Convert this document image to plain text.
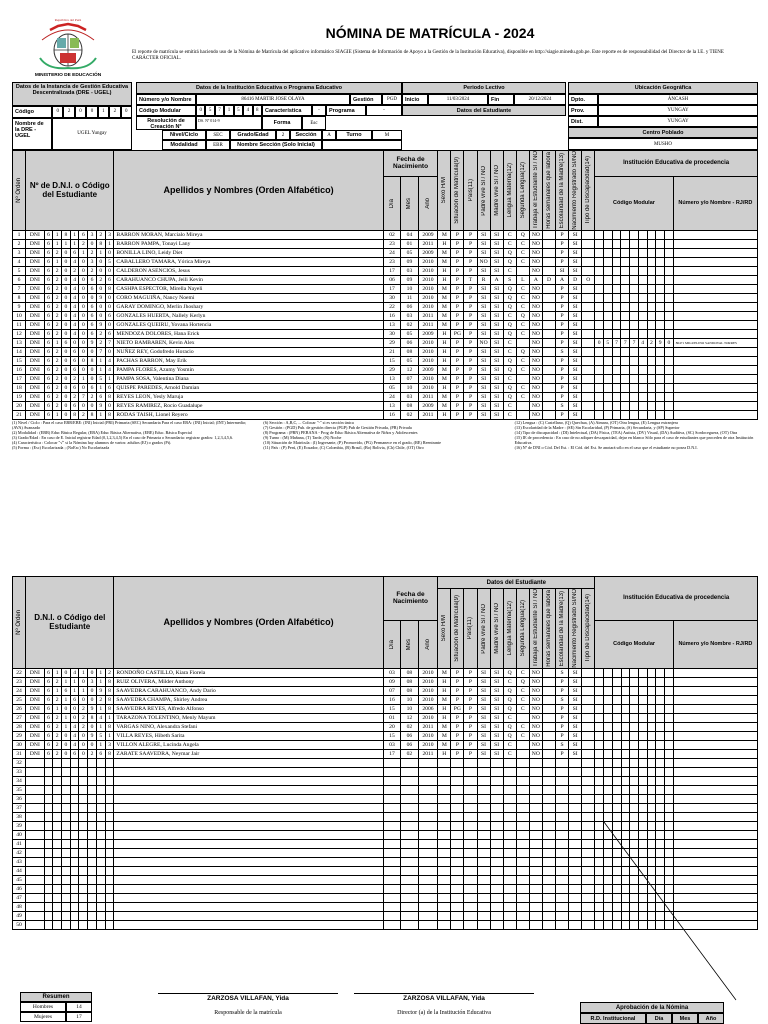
MINISTERIO DE EDUCACIÓN
República del Perú
NÓMINA DE MATRÍCULA - 2024
El reporte de matrícula se emitirá haciendo uso de la Nómina de Matrícula del aplicativo informático SIAGIE (Sistema de Información de Apoyo a la Gestión de la Institución Educativa), disponible en http://siagie.minedu.gob.pe. Este reporte es de responsabilidad del Director de la I.E. y TIENE CARÁCTER OFICIAL.
Datos de la Instancia de Gestión Educativa Descentralizada (DRE - UGEL)
Código	0	2	0	0	1	2	0
Nombre de la DRE - UGEL	UGEL Yungay
Datos de la Institución Educativa o Programa Educativo
Número y/o Nombre	86416 MARTIR JOSE OLAYA	Gestión	PGD
Código Modular	0	5	7	1	5	4	8	Característica	-	Programa	-
Resolución de Creación N°
DS. Nº 014-9	Forma	Esc
Nivel/Ciclo	SEC	Grado/Edad	2	Sección	A	Turno	M
Modalidad	EBR	Nombre Sección (Solo Inicial)
Periodo Lectivo
Inicio	11/03/2024	Fin	20/12/2024
Datos del Estudiante
Ubicación Geográfica
Dpto.	ÁNCASH
Prov.	YUNGAY
Dist.	YUNGAY
Centro Poblado
MUSHO
Nº Orden	Nº de D.N.I. o Código del Estudiante									Apellidos y Nombres (Orden Alfabético)	Fecha de Nacimiento			Sexo H/M	Situación de Matrícula(9)	País(11)	Padre vive SI / NO	Madre vive SI / NO	Lengua Materna(12)	Segunda Lengua(12)	Trabaja el Estudiante SI / NO	Horas semanales que labora	Escolaridad de la Madre(13)	Nacimiento Registrado SI/NO	Tipo de Discapacidad(14)	Institución Educativa de procedencia									

											Día	Mes	Año													Código Modular									Número y/o Nombre - RJ/RD
1	DNI	6	1	8	1	6	3	2	3	BARRON MORAN, Marcialo Mireya	02	04	2009	M	P	P	SI	SI	C	Q	NO		P	SI											
2	DNI	6	1	1	1	2	0	8	1	BARRON PAMPA, Tonayi Lany	23	01	2011	H	P	P	SI	SI	C	C	NO		P	SI											
3	DNI	6	2	0	6	1	2	1	0	BONILLA LINO, Leidy Diet	24	05	2009	M	P	P	SI	SI	Q	C	NO		P	SI											
4	DNI	6	1	0	4	0	3	0	5	CABALLERO TAMARA, Yórica Mireya	23	09	2010	M	P	P	NO	SI	Q	C	NO		P	SI											
5	DNI	6	2	0	2	0	2	0	0	CALDERON ASENCIOS, Jesus	17	03	2010	H	P	P	SI	SI	C		NO		SI	SI											
6	DNI	6	2	0	4	0	6	2	6	CARAHUANCO CHUPA, Jeili Kevin	06	09	2010	H	P	T	R	A	S	L	A	D	A	D	O										
7	DNI	6	2	0	4	0	6	0	8	CASHPA ESPECTOR, Mirella Nayeli	17	10	2010	M	P	P	SI	SI	Q	C	NO		P	SI											
8	DNI	6	2	0	4	0	0	9	0	CORO MAGUIÑA, Nancy Noemi	30	11	2010	M	P	P	SI	SI	Q	C	NO		P	SI											
9	DNI	6	2	0	4	0	6	0	0	GARAY DOMINGO, Merlin Jhoshary	22	06	2010	M	P	P	SI	SI	Q	C	NO		P	SI											
10	DNI	6	2	0	4	0	6	0	6	GONZALES HUERTA, Nallely Kerlyn	16	03	2011	M	P	P	SI	SI	C	Q	NO		P	SI											
11	DNI	6	2	0	4	0	6	9	0	GONZALES QUEIRU, Yovana Hortencia	13	02	2011	M	P	P	SI	SI	Q	C	NO		P	SI											
12	DNI	6	2	0	4	0	6	2	6	MENDOZA DOLORES, Hana Erick	30	05	2009	H	PG	P	SI	SI	Q	C	NO		P	SI											
13	DNI	6	1	6	0	0	9	2	7	NIETO BAMBAREN, Kevin Alex	29	06	2010	H	P	P	NO	SI	C		NO		P	SI		0	5	7	7	7	4	2	9	0	86471 MIGUELINO SANDOVAL TORRES
14	DNI	6	2	0	6	0	0	7	0	NUÑEZ REY, Godofredo Horacio	21	08	2010	H	P	P	SI	SI	C	Q	NO		S	SI											
15	DNI	6	2	0	6	0	8	1	4	PACHAS BARRON, May Erik	15	05	2010	H	P	P	SI	SI	Q	C	NO		P	SI											
16	DNI	6	2	0	6	0	0	1	4	PAMPA FLORES, Azumy Yosmin	29	12	2009	M	P	P	SI	SI	Q	C	NO		P	SI											
17	DNI	6	2	0	2	1	0	5	1	PAMPA SOSA, Valentina Diana	13	07	2010	M	P	P	SI	SI	C		NO		P	SI											
18	DNI	6	2	0	6	0	6	1	6	QUISPE PAREDES, Arnold Damian	05	10	2010	H	P	P	SI	SI	Q	C	NO		P	SI											
19	DNI	6	2	0	2	7	2	6	8	REYES LEON, Yesly Maruja	24	03	2011	M	P	P	SI	SI	Q	C	NO		P	SI											
20	DNI	6	2	0	6	0	0	9	0	REYES RAMIREZ, Rocio Guadalupe	13	08	2009	M	P	P	SI	SI	C		NO		S	SI											
21	DNI	6	1	0	8	2	8	1	8	RODAS TAISH, Lionel Reyero	16	02	2011	H	P	P	SI	SI	C		NO		P	SI											
(1) Nivel / Ciclo : Para el caso EBR/EBE: (INI) Inicial (PRI) Primaria (SEC) Secundaria Para el caso EBA: (INI) Inicial; (INT) Intermedio; (AVA) Avanzado
(2) Modalidad : (EBR) Educ Básica Regular, (EBA) Educ Básica Alternativa, (EBE) Educ. Básica Especial
(3) Grado/Edad : En caso de E. Inicial registrar Edad (0,1,2,3,4,5) En el caso de Primaria o Secundaria: registrar grados: 1,2,3,4,5,6.
(4) Característica : Colocar "√" si la Nómina hay alumnos de varios: adultos (EJ) o grados (Pt).
(5) Forma : (Esc) Escolarizada ; (NoEsc) No Escolarizada
(6) Sección : A,B,C, ... Colocar "-" si es sección única
(7) Gestión : (PGD) Pub. de gestión directa (PGP) Pub de Gestión Privada, (PR) Privada
(8) Programa : (PBN) PEBANA - Prog de Educ Básica Alternativa de Niños y Adolescentes
(9) Turno : (M) Mañana, (T) Tarde, (N) Noche
(10) Situación de Matrícula : (I) Ingresante, (P) Promovido, (PG) Permanece en el grado, (RE) Reentrante
(11) País : (P) Perú, (E) Ecuador, (C) Colombia, (B) Brasil, (Bo) Bolivia, (Ch) Chile, (OT) Otro
(12) Lengua : (C) Castellano, (Q) Quechua, (A) Aimara, (OT) Otra lengua, (E) Lengua extranjera
(13) Escolaridad de la Madre : (SE) Sin Escolaridad, (P) Primaria, (S) Secundaria, y (SP) Superior
(14) Tipo de discapacidad : (DI) Intelectual, (DA) Física, (TEA) Autista, (DV) Visual, (DA) Auditiva, (SC) Sordoceguera, (OT) Otra
(15) IE de procedencia : En caso de no adiquer descapacidad, dejar en blanco Sólo para el caso de estudiantes que proceden de otra Institución Educativa.
(16) Nº de DNI o Cód. Del Est. : El Cód. del Est. Se anotará sólo en el caso que el estudiante no posea D.N.I.
Nº Orden	D.N.I. o Código del Estudiante									Apellidos y Nombres (Orden Alfabético)	Fecha de Nacimiento			Datos del Estudiante												Institución Educativa de procedencia									

														Sexo H/M	Situación de Matrícula(9)	País(11)	Padre vive SI / NO	Madre vive SI / NO	Lengua Materna(12)	Segunda Lengua(12)	Trabaja el Estudiante SI / NO	Horas semanales que labora	Escolaridad de la Madre(13)	Nacimiento Registrado SI/NO	Tipo de Discapacidad(14)										

											Día	Mes	Año													Código Modular									Número y/o Nombre - RJ/RD
22	DNI	6	1	0	4	1	0	1	2	RONDOÑO CASTILLO, Kiara Fiorela	03	08	2010	M	P	P	SI	SI	Q	C	NO		S	SI											
23	DNI	6	2	1	1	0	3	1	8	RUIZ OLIVERA, Milder Anthony	09	08	2010	H	P	P	SI	SI	C	Q	NO		P	SI											
24	DNI	6	1	6	1	1	0	9	8	SAAVEDRA CARAHUANCO, Andy Dario	07	08	2010	H	P	P	SI	SI	Q	C	NO		P	SI											
25	DNI	6	2	1	6	0	0	2	8	SAAVEDRA CHAMPA, Shirley Andrea	16	10	2010	M	P	P	SI	SI	Q	C	NO		S	SI											
26	DNI	6	1	0	0	2	9	1	8	SAAVEDRA REYES, Alfredo Alfonso	15	10	2006	H	PG	P	SI	SI	Q	C	NO		P	SI											
27	DNI	6	2	1	0	2	8	4	1	TARAZONA TOLENTINO, Menly Mayum	01	12	2010	H	P	P	SI	SI	C		NO		P	SI											
28	DNI	6	2	1	4	2	0	1	8	VARGAS NINO, Alexandra Stefani	20	02	2011	M	P	P	SI	SI	Q	C	NO		P	SI											
29	DNI	6	2	0	4	0	9	5	1	VILLA REYES, Hibeth Sarita	15	06	2010	M	P	P	SI	SI	Q	C	NO		P	SI											
30	DNI	6	2	0	4	0	0	1	3	VILLON ALEGRE, Lucinda Angela	03	06	2010	M	P	P	SI	SI	C		NO		S	SI											
31	DNI	6	2	0	6	0	2	6	8	ZARATE SAAVEDRA, Neymar Jair	17	02	2011	H	P	P	SI	SI	C		NO		P	SI											
32																																			
33																																			
34																																			
35																																			
36																																			
37																																			
38																																			
39																																			
40																																			
41																																			
42																																			
43																																			
44																																			
45																																			
46																																			
47																																			
48																																			
49																																			
50																																			
Resumen
Hombres	14
Mujeres	17
ZARZOSA VILLAFAN, Yida
Responsable de la matrícula
ZARZOSA VILLAFAN, Yida
Director (a) de la Institución Educativa
Aprobación de la Nómina
R.D. Institucional	Día	Mes	Año
